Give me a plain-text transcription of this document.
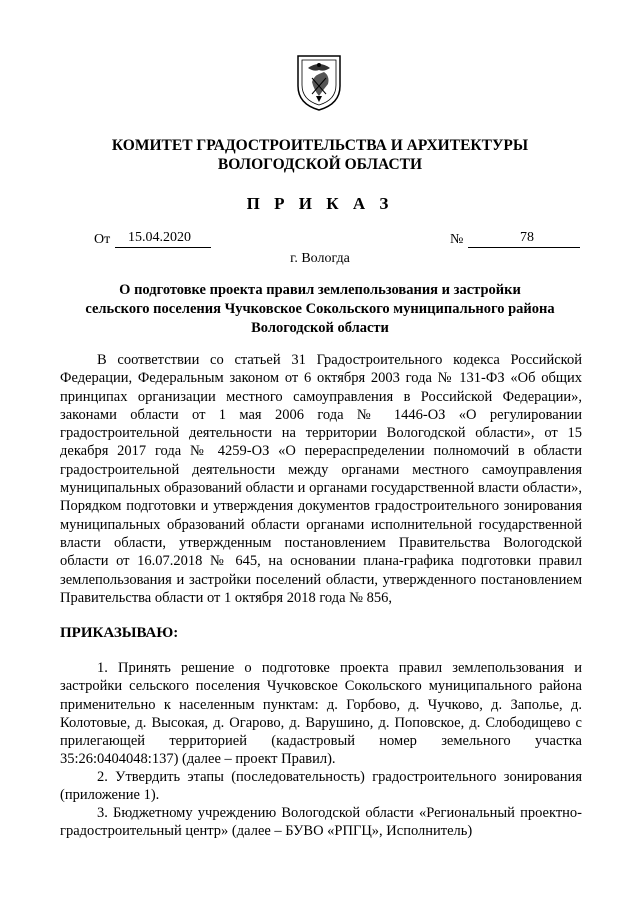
КОМИТЕТ ГРАДОСТРОИТЕЛЬСТВА И АРХИТЕКТУРЫ
ВОЛОГОДСКОЙ ОБЛАСТИ
П Р И К А З
От 15.04.2020	№	78
г. Вологда
О подготовке проекта правил землепользования и застройки
сельского поселения Чучковское Сокольского муниципального района
Вологодской области
В соответствии со статьей 31 Градостроительного кодекса Российской Федерации, Федеральным законом от 6 октября 2003 года № 131-ФЗ «Об общих принципах организации местного самоуправления в Российской Федерации», законами области от 1 мая 2006 года № 1446-ОЗ «О регулировании градостроительной деятельности на территории Вологодской области», от 15 декабря 2017 года № 4259-ОЗ «О перераспределении полномочий в области градостроительной деятельности между органами местного самоуправления муниципальных образований области и органами государственной власти области», Порядком подготовки и утверждения документов градостроительного зонирования муниципальных образований области органами исполнительной государственной власти области, утвержденным постановлением Правительства Вологодской области от 16.07.2018 № 645, на основании плана-графика подготовки правил землепользования и застройки поселений области, утвержденного постановлением Правительства области от 1 октября 2018 года № 856,
ПРИКАЗЫВАЮ:
1. Принять решение о подготовке проекта правил землепользования и застройки сельского поселения Чучковское Сокольского муниципального района применительно к населенным пунктам: д. Горбово, д. Чучково, д. Заполье, д. Колотовые, д. Высокая, д. Огарово, д. Варушино, д. Поповское, д. Слободищево с прилегающей территорией (кадастровый номер земельного участка 35:26:0404048:137) (далее – проект Правил).
2. Утвердить этапы (последовательность) градостроительного зонирования (приложение 1).
3. Бюджетному учреждению Вологодской области «Региональный проектно-градостроительный центр» (далее – БУВО «РПГЦ», Исполнитель)
